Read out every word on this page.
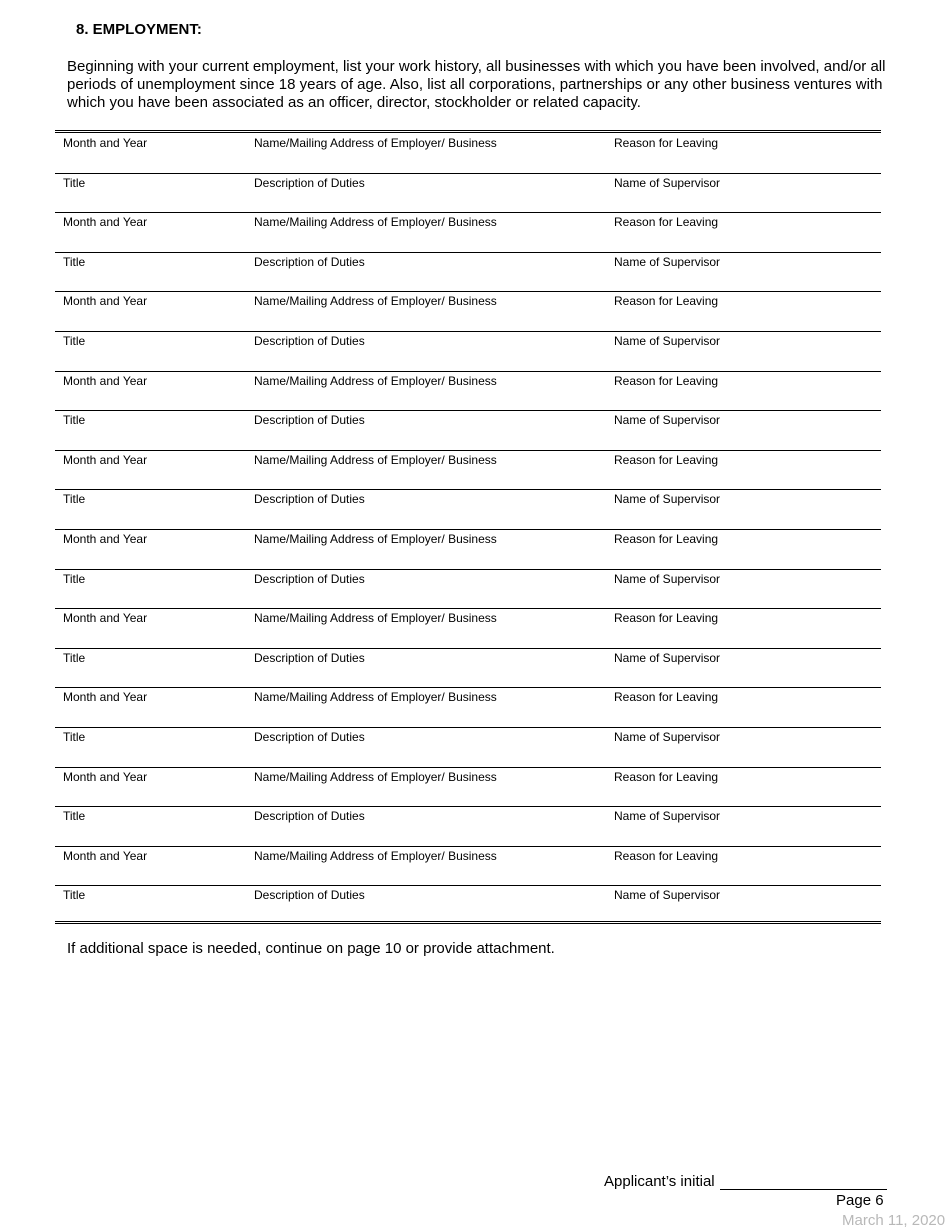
8. EMPLOYMENT:
Beginning with your current employment, list your work history, all businesses with which you have been involved, and/or all periods of unemployment since 18 years of age. Also, list all corporations, partnerships or any other business ventures with which you have been associated as an officer, director, stockholder or related capacity.
Month and Year	Name/Mailing Address of Employer/ Business	Reason for Leaving
Title	Description of Duties	Name of Supervisor
Month and Year	Name/Mailing Address of Employer/ Business	Reason for Leaving
Title	Description of Duties	Name of Supervisor
Month and Year	Name/Mailing Address of Employer/ Business	Reason for Leaving
Title	Description of Duties	Name of Supervisor
Month and Year	Name/Mailing Address of Employer/ Business	Reason for Leaving
Title	Description of Duties	Name of Supervisor
Month and Year	Name/Mailing Address of Employer/ Business	Reason for Leaving
Title	Description of Duties	Name of Supervisor
Month and Year	Name/Mailing Address of Employer/ Business	Reason for Leaving
Title	Description of Duties	Name of Supervisor
Month and Year	Name/Mailing Address of Employer/ Business	Reason for Leaving
Title	Description of Duties	Name of Supervisor
Month and Year	Name/Mailing Address of Employer/ Business	Reason for Leaving
Title	Description of Duties	Name of Supervisor
Month and Year	Name/Mailing Address of Employer/ Business	Reason for Leaving
Title	Description of Duties	Name of Supervisor
Month and Year	Name/Mailing Address of Employer/ Business	Reason for Leaving
Title	Description of Duties	Name of Supervisor
If additional space is needed, continue on page 10 or provide attachment.
Applicant’s initial
Page 6
March 11, 2020
